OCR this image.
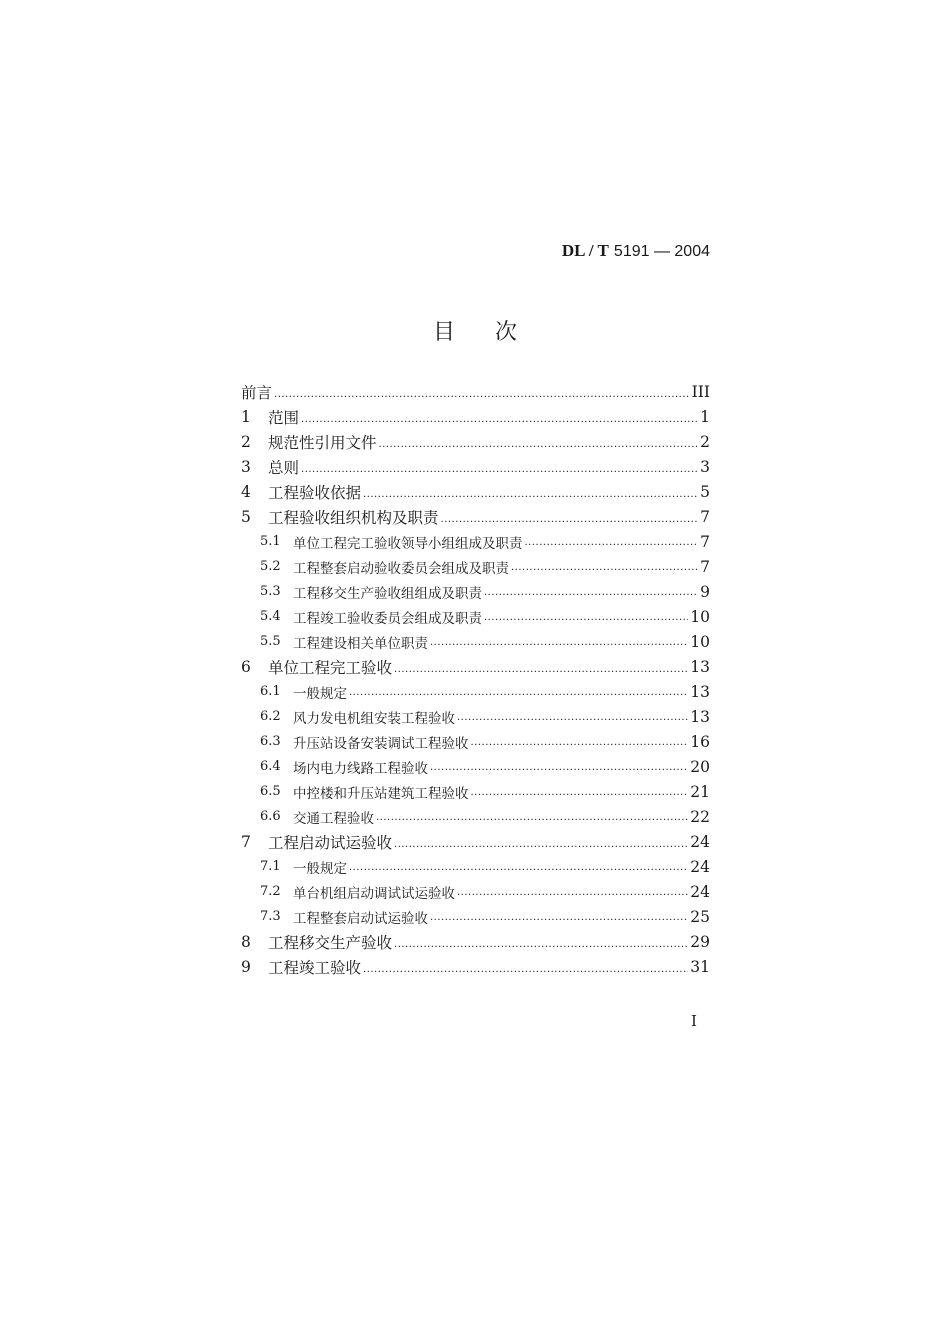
DL / T 5191 — 2004
目次
前言 ·····	III
1	范围 ·····	1
2	规范性引用文件 ·····	2
3	总则 ·····	3
4	工程验收依据 ·····	5
5	工程验收组织机构及职责 ·····	7
5.1 单位工程完工验收领导小组组成及职责 ·····	7
5.2 工程整套启动验收委员会组成及职责 ·····	7
5.3 工程移交生产验收组组成及职责 ·····	9
5.4 工程竣工验收委员会组成及职责 ·····	10
5.5 工程建设相关单位职责 ·····	10
6	单位工程完工验收 ·····	13
6.1 一般规定 ·····	13
6.2 风力发电机组安装工程验收 ·····	13
6.3 升压站设备安装调试工程验收 ·····	16
6.4 场内电力线路工程验收 ·····	20
6.5 中控楼和升压站建筑工程验收 ·····	21
6.6 交通工程验收 ·····	22
7	工程启动试运验收 ·····	24
7.1 一般规定 ·····	24
7.2 单台机组启动调试试运验收 ·····	24
7.3 工程整套启动试运验收 ·····	25
8	工程移交生产验收 ·····	29
9	工程竣工验收 ·····	31
I
